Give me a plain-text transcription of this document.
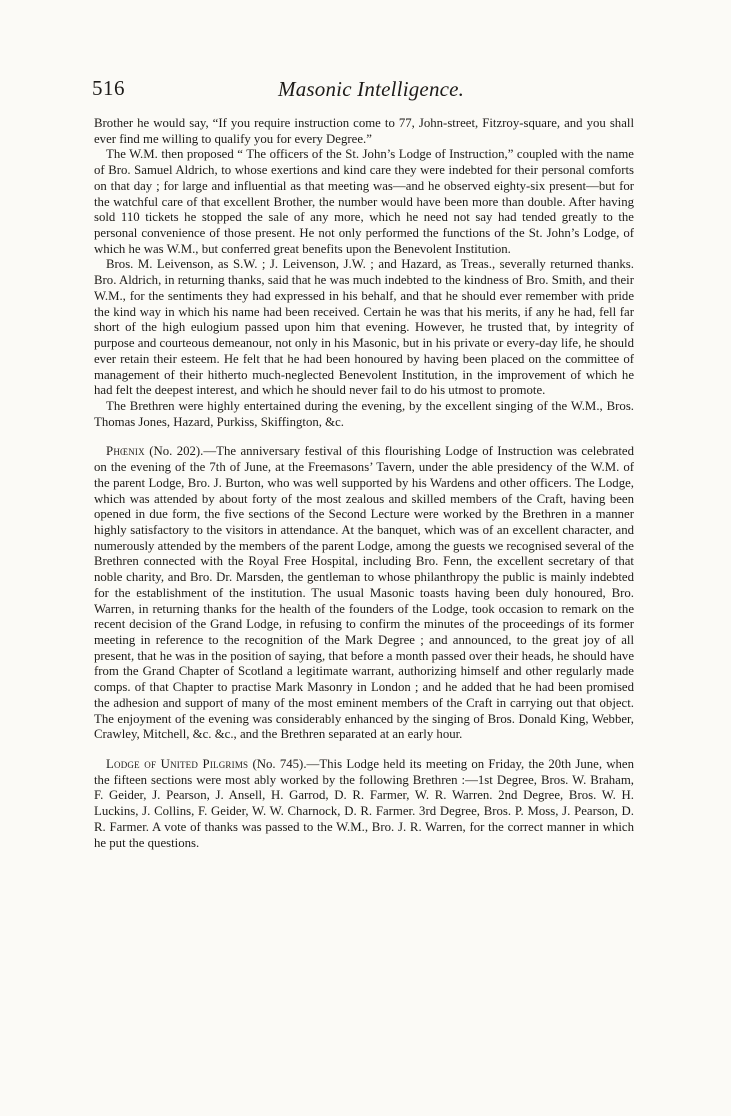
516	Masonic Intelligence.

Brother he would say, “If you require instruction come to 77, John-street, Fitzroy-square, and you shall ever find me willing to qualify you for every Degree.”

The W.M. then proposed “ The officers of the St. John’s Lodge of Instruction,” coupled with the name of Bro. Samuel Aldrich, to whose exertions and kind care they were indebted for their personal comforts on that day ; for large and influential as that meeting was—and he observed eighty-six present—but for the watchful care of that excellent Brother, the number would have been more than double. After having sold 110 tickets he stopped the sale of any more, which he need not say had tended greatly to the personal convenience of those present. He not only performed the functions of the St. John’s Lodge, of which he was W.M., but conferred great benefits upon the Benevolent Institution.

Bros. M. Leivenson, as S.W. ; J. Leivenson, J.W. ; and Hazard, as Treas., severally returned thanks. Bro. Aldrich, in returning thanks, said that he was much indebted to the kindness of Bro. Smith, and their W.M., for the sentiments they had expressed in his behalf, and that he should ever remember with pride the kind way in which his name had been received. Certain he was that his merits, if any he had, fell far short of the high eulogium passed upon him that evening. However, he trusted that, by integrity of purpose and courteous demeanour, not only in his Masonic, but in his private or every-day life, he should ever retain their esteem. He felt that he had been honoured by having been placed on the committee of management of their hitherto much-neglected Benevolent Institution, in the improvement of which he had felt the deepest interest, and which he should never fail to do his utmost to promote.

The Brethren were highly entertained during the evening, by the excellent singing of the W.M., Bros. Thomas Jones, Hazard, Purkiss, Skiffington, &c.

Phœnix (No. 202).—The anniversary festival of this flourishing Lodge of Instruction was celebrated on the evening of the 7th of June, at the Freemasons’ Tavern, under the able presidency of the W.M. of the parent Lodge, Bro. J. Burton, who was well supported by his Wardens and other officers. The Lodge, which was attended by about forty of the most zealous and skilled members of the Craft, having been opened in due form, the five sections of the Second Lecture were worked by the Brethren in a manner highly satisfactory to the visitors in attendance. At the banquet, which was of an excellent character, and numerously attended by the members of the parent Lodge, among the guests we recognised several of the Brethren connected with the Royal Free Hospital, including Bro. Fenn, the excellent secretary of that noble charity, and Bro. Dr. Marsden, the gentleman to whose philanthropy the public is mainly indebted for the establishment of the institution. The usual Masonic toasts having been duly honoured, Bro. Warren, in returning thanks for the health of the founders of the Lodge, took occasion to remark on the recent decision of the Grand Lodge, in refusing to confirm the minutes of the proceedings of its former meeting in reference to the recognition of the Mark Degree ; and announced, to the great joy of all present, that he was in the position of saying, that before a month passed over their heads, he should have from the Grand Chapter of Scotland a legitimate warrant, authorizing himself and other regularly made comps. of that Chapter to practise Mark Masonry in London ; and he added that he had been promised the adhesion and support of many of the most eminent members of the Craft in carrying out that object. The enjoyment of the evening was considerably enhanced by the singing of Bros. Donald King, Webber, Crawley, Mitchell, &c. &c., and the Brethren separated at an early hour.

Lodge of United Pilgrims (No. 745).—This Lodge held its meeting on Friday, the 20th June, when the fifteen sections were most ably worked by the following Brethren :—1st Degree, Bros. W. Braham, F. Geider, J. Pearson, J. Ansell, H. Garrod, D. R. Farmer, W. R. Warren. 2nd Degree, Bros. W. H. Luckins, J. Collins, F. Geider, W. W. Charnock, D. R. Farmer. 3rd Degree, Bros. P. Moss, J. Pearson, D. R. Farmer. A vote of thanks was passed to the W.M., Bro. J. R. Warren, for the correct manner in which he put the questions.
